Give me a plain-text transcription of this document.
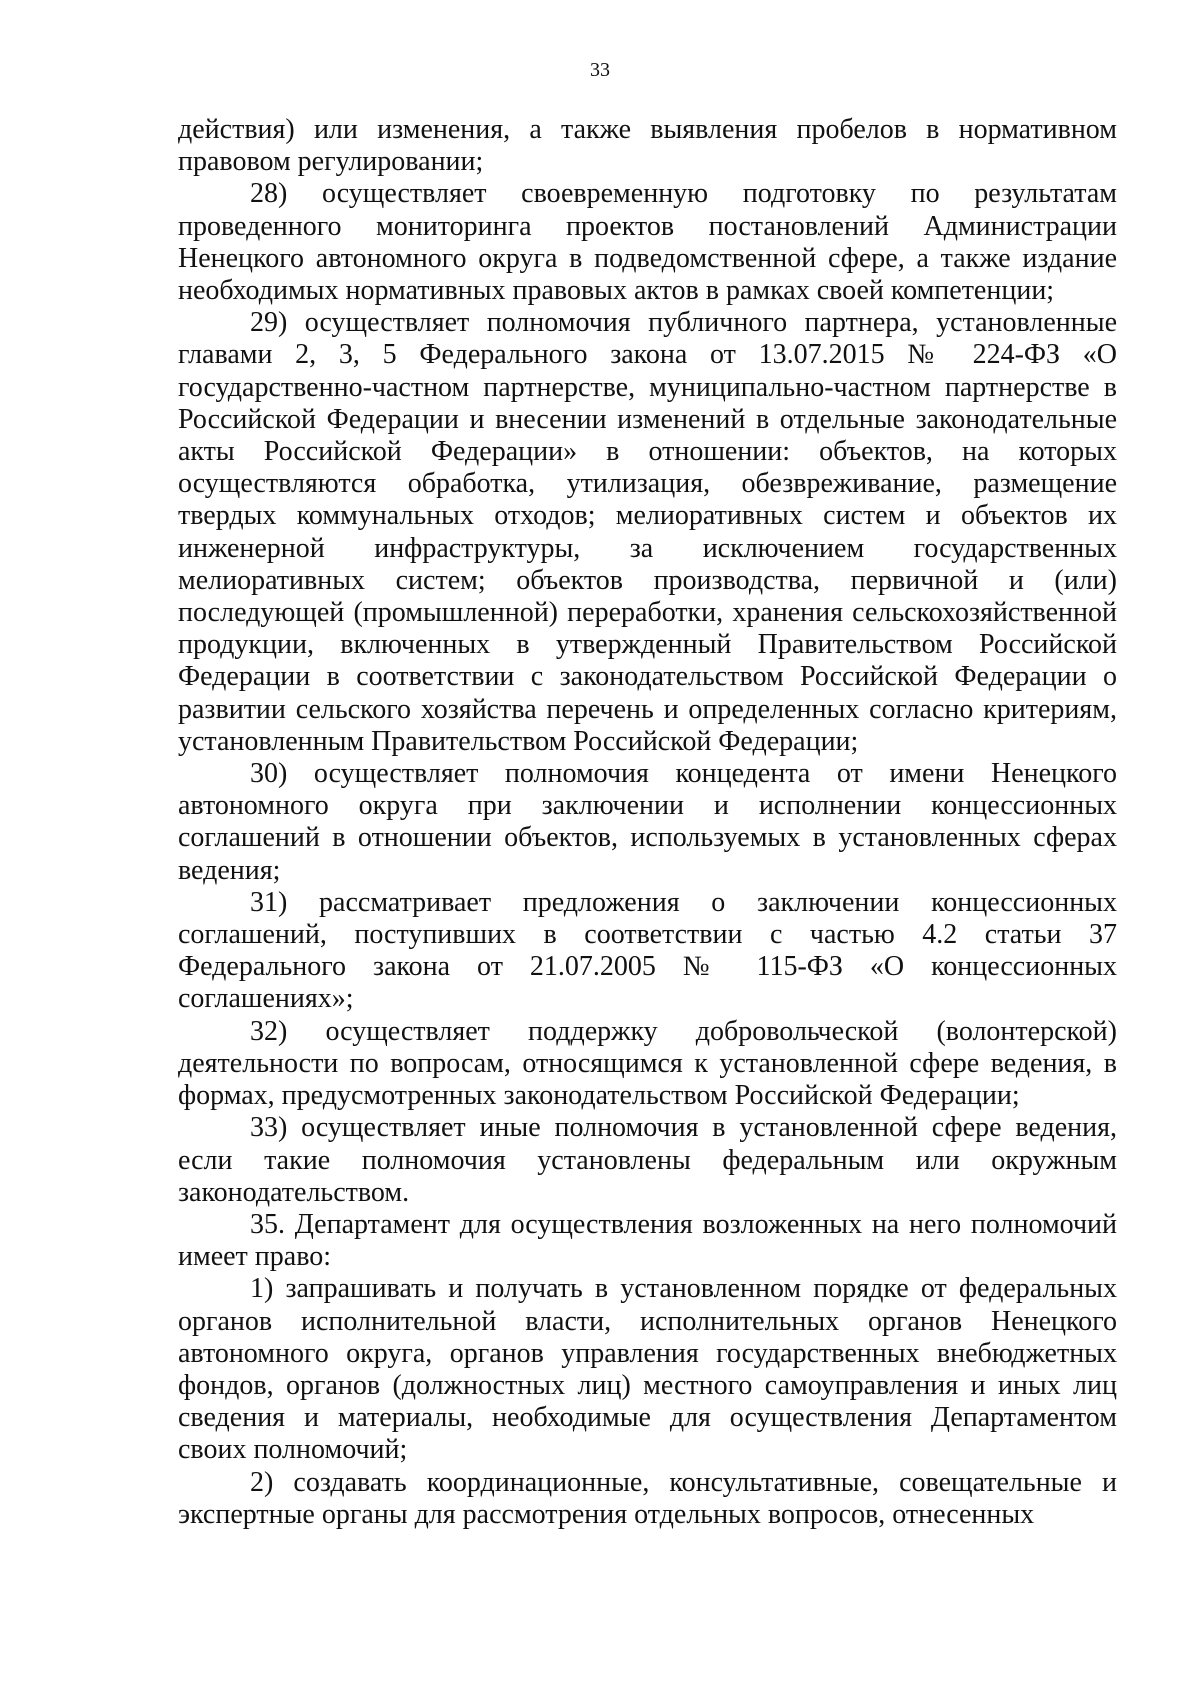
33

действия) или изменения, а также выявления пробелов в нормативном правовом регулировании;

28) осуществляет своевременную подготовку по результатам проведенного мониторинга проектов постановлений Администрации Ненецкого автономного округа в подведомственной сфере, а также издание необходимых нормативных правовых актов в рамках своей компетенции;

29) осуществляет полномочия публичного партнера, установленные главами 2, 3, 5 Федерального закона от 13.07.2015 № 224-ФЗ «О государственно-частном партнерстве, муниципально-частном партнерстве в Российской Федерации и внесении изменений в отдельные законодательные акты Российской Федерации» в отношении: объектов, на которых осуществляются обработка, утилизация, обезвреживание, размещение твердых коммунальных отходов; мелиоративных систем и объектов их инженерной инфраструктуры, за исключением государственных мелиоративных систем; объектов производства, первичной и (или) последующей (промышленной) переработки, хранения сельскохозяйственной продукции, включенных в утвержденный Правительством Российской Федерации в соответствии с законодательством Российской Федерации о развитии сельского хозяйства перечень и определенных согласно критериям, установленным Правительством Российской Федерации;

30) осуществляет полномочия концедента от имени Ненецкого автономного округа при заключении и исполнении концессионных соглашений в отношении объектов, используемых в установленных сферах ведения;

31) рассматривает предложения о заключении концессионных соглашений, поступивших в соответствии с частью 4.2 статьи 37 Федерального закона от 21.07.2005 № 115-ФЗ «О концессионных соглашениях»;

32) осуществляет поддержку добровольческой (волонтерской) деятельности по вопросам, относящимся к установленной сфере ведения, в формах, предусмотренных законодательством Российской Федерации;

33) осуществляет иные полномочия в установленной сфере ведения, если такие полномочия установлены федеральным или окружным законодательством.

35. Департамент для осуществления возложенных на него полномочий имеет право:

1) запрашивать и получать в установленном порядке от федеральных органов исполнительной власти, исполнительных органов Ненецкого автономного округа, органов управления государственных внебюджетных фондов, органов (должностных лиц) местного самоуправления и иных лиц сведения и материалы, необходимые для осуществления Департаментом своих полномочий;

2) создавать координационные, консультативные, совещательные и экспертные органы для рассмотрения отдельных вопросов, отнесенных
